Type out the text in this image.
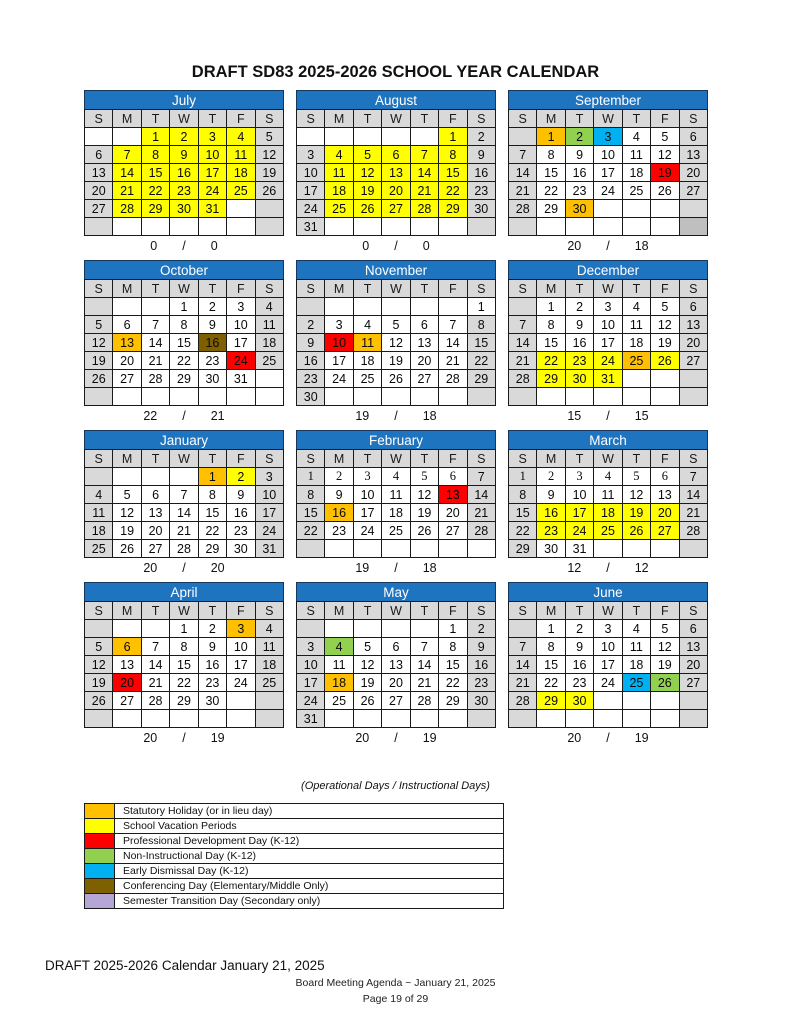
DRAFT SD83 2025-2026 SCHOOL YEAR CALENDAR
July
S	M	T	W	T	F	S
		1	2	3	4	5
6	7	8	9	10	11	12
13	14	15	16	17	18	19
20	21	22	23	24	25	26
27	28	29	30	31		

0 / 0
August
S	M	T	W	T	F	S
					1	2
3	4	5	6	7	8	9
10	11	12	13	14	15	16
17	18	19	20	21	22	23
24	25	26	27	28	29	30
31						
0 / 0
September
S	M	T	W	T	F	S
	1	2	3	4	5	6
7	8	9	10	11	12	13
14	15	16	17	18	19	20
21	22	23	24	25	26	27
28	29	30				

20 / 18
October
S	M	T	W	T	F	S
			1	2	3	4
5	6	7	8	9	10	11
12	13	14	15	16	17	18
19	20	21	22	23	24	25
26	27	28	29	30	31	

22 / 21
November
S	M	T	W	T	F	S
						1
2	3	4	5	6	7	8
9	10	11	12	13	14	15
16	17	18	19	20	21	22
23	24	25	26	27	28	29
30						
19 / 18
December
S	M	T	W	T	F	S
	1	2	3	4	5	6
7	8	9	10	11	12	13
14	15	16	17	18	19	20
21	22	23	24	25	26	27
28	29	30	31			

15 / 15
January
S	M	T	W	T	F	S
				1	2	3
4	5	6	7	8	9	10
11	12	13	14	15	16	17
18	19	20	21	22	23	24
25	26	27	28	29	30	31
20 / 20
February
S	M	T	W	T	F	S
1	2	3	4	5	6	7
8	9	10	11	12	13	14
15	16	17	18	19	20	21
22	23	24	25	26	27	28

19 / 18
March
S	M	T	W	T	F	S
1	2	3	4	5	6	7
8	9	10	11	12	13	14
15	16	17	18	19	20	21
22	23	24	25	26	27	28
29	30	31				
12 / 12
April
S	M	T	W	T	F	S
			1	2	3	4
5	6	7	8	9	10	11
12	13	14	15	16	17	18
19	20	21	22	23	24	25
26	27	28	29	30		

20 / 19
May
S	M	T	W	T	F	S
					1	2
3	4	5	6	7	8	9
10	11	12	13	14	15	16
17	18	19	20	21	22	23
24	25	26	27	28	29	30
31						
20 / 19
June
S	M	T	W	T	F	S
	1	2	3	4	5	6
7	8	9	10	11	12	13
14	15	16	17	18	19	20
21	22	23	24	25	26	27
28	29	30				

20 / 19
(Operational Days / Instructional Days)
	Statutory Holiday (or in lieu day)
	School Vacation Periods
	Professional Development Day (K-12)
	Non-Instructional Day (K-12)
	Early Dismissal Day (K-12)
	Conferencing Day (Elementary/Middle Only)
	Semester Transition Day (Secondary only)
DRAFT 2025-2026 Calendar January 21, 2025
Board Meeting Agenda ~ January 21, 2025
Page 19 of 29
